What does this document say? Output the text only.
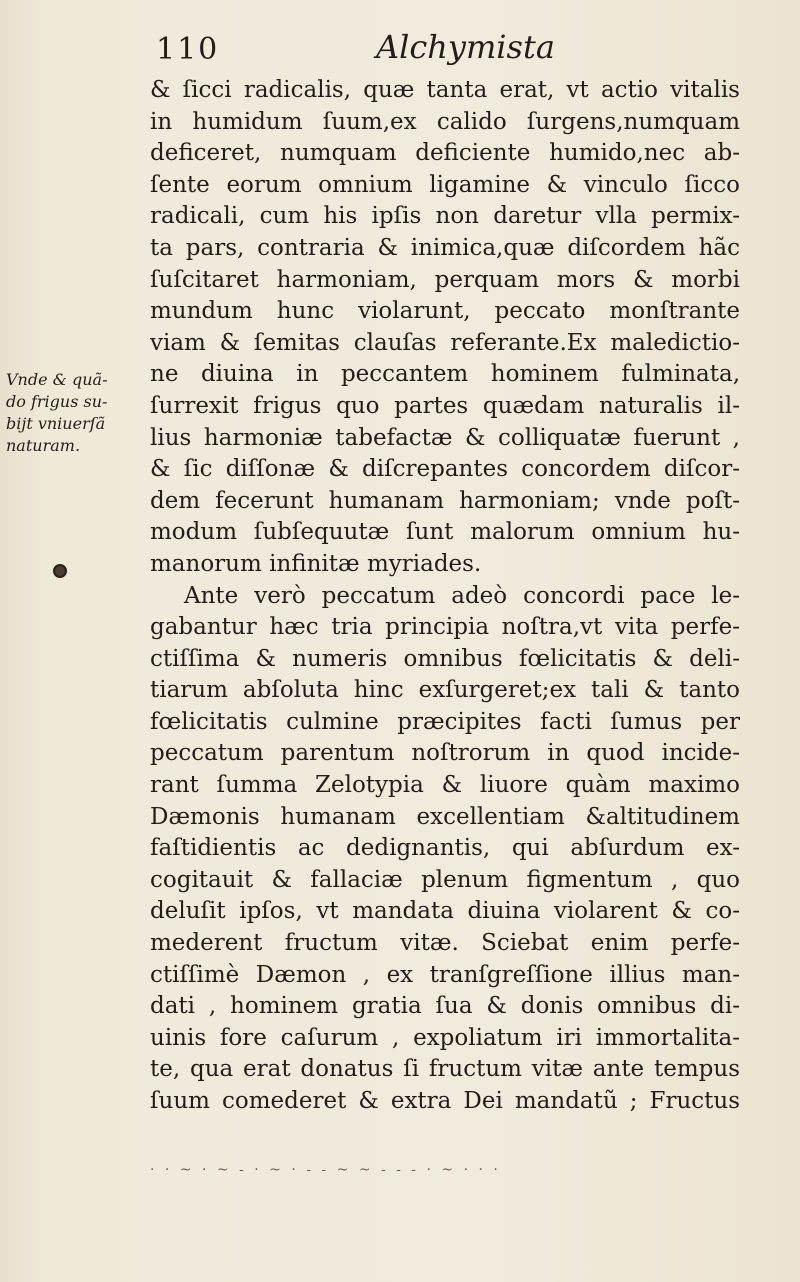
110	Alchymista
Vnde & quã-
do frigus su-
bijt vniuerſã
naturam.
& ſicci radicalis, quæ tanta erat, vt actio vitalis
in humidum ſuum,ex calido ſurgens,numquam
deficeret, numquam deficiente humido,nec ab-
ſente eorum omnium ligamine & vinculo ſicco
radicali, cum his ipſis non daretur vlla permix-
ta pars, contraria & inimica,quæ diſcordem hãc
ſuſcitaret harmoniam, perquam mors & morbi
mundum hunc violarunt, peccato monſtrante
viam & ſemitas clauſas referante.Ex maledictio-
ne diuina in peccantem hominem fulminata,
ſurrexit frigus quo partes quædam naturalis il-
lius harmoniæ tabefactæ & colliquatæ fuerunt ,
& ſic diſſonæ & diſcrepantes concordem diſcor-
dem fecerunt humanam harmoniam; vnde poſt-
modum ſubſequutæ ſunt malorum omnium hu-
manorum infinitæ myriades.
Ante verò peccatum adeò concordi pace le-
gabantur hæc tria principia noſtra,vt vita perfe-
ctiſſima & numeris omnibus fœlicitatis & deli-
tiarum abſoluta hinc exſurgeret;ex tali & tanto
fœlicitatis culmine præcipites facti ſumus per
peccatum parentum noſtrorum in quod incide-
rant ſumma Zelotypia & liuore quàm maximo
Dæmonis humanam excellentiam &altitudinem
faſtidientis ac dedignantis, qui abſurdum ex-
cogitauit & fallaciæ plenum figmentum , quo
deluſit ipſos, vt mandata diuina violarent & co-
mederent fructum vitæ. Sciebat enim perfe-
ctiſſimè Dæmon , ex tranſgreſſione illius man-
dati , hominem gratia ſua & donis omnibus di-
uinis fore caſurum , expoliatum iri immortalita-
te, qua erat donatus ſi fructum vitæ ante tempus
ſuum comederet & extra Dei mandatũ ; Fructus
· · ~ · ~ - · ~ · - - ~ ~ - - - · ~ · · ·
